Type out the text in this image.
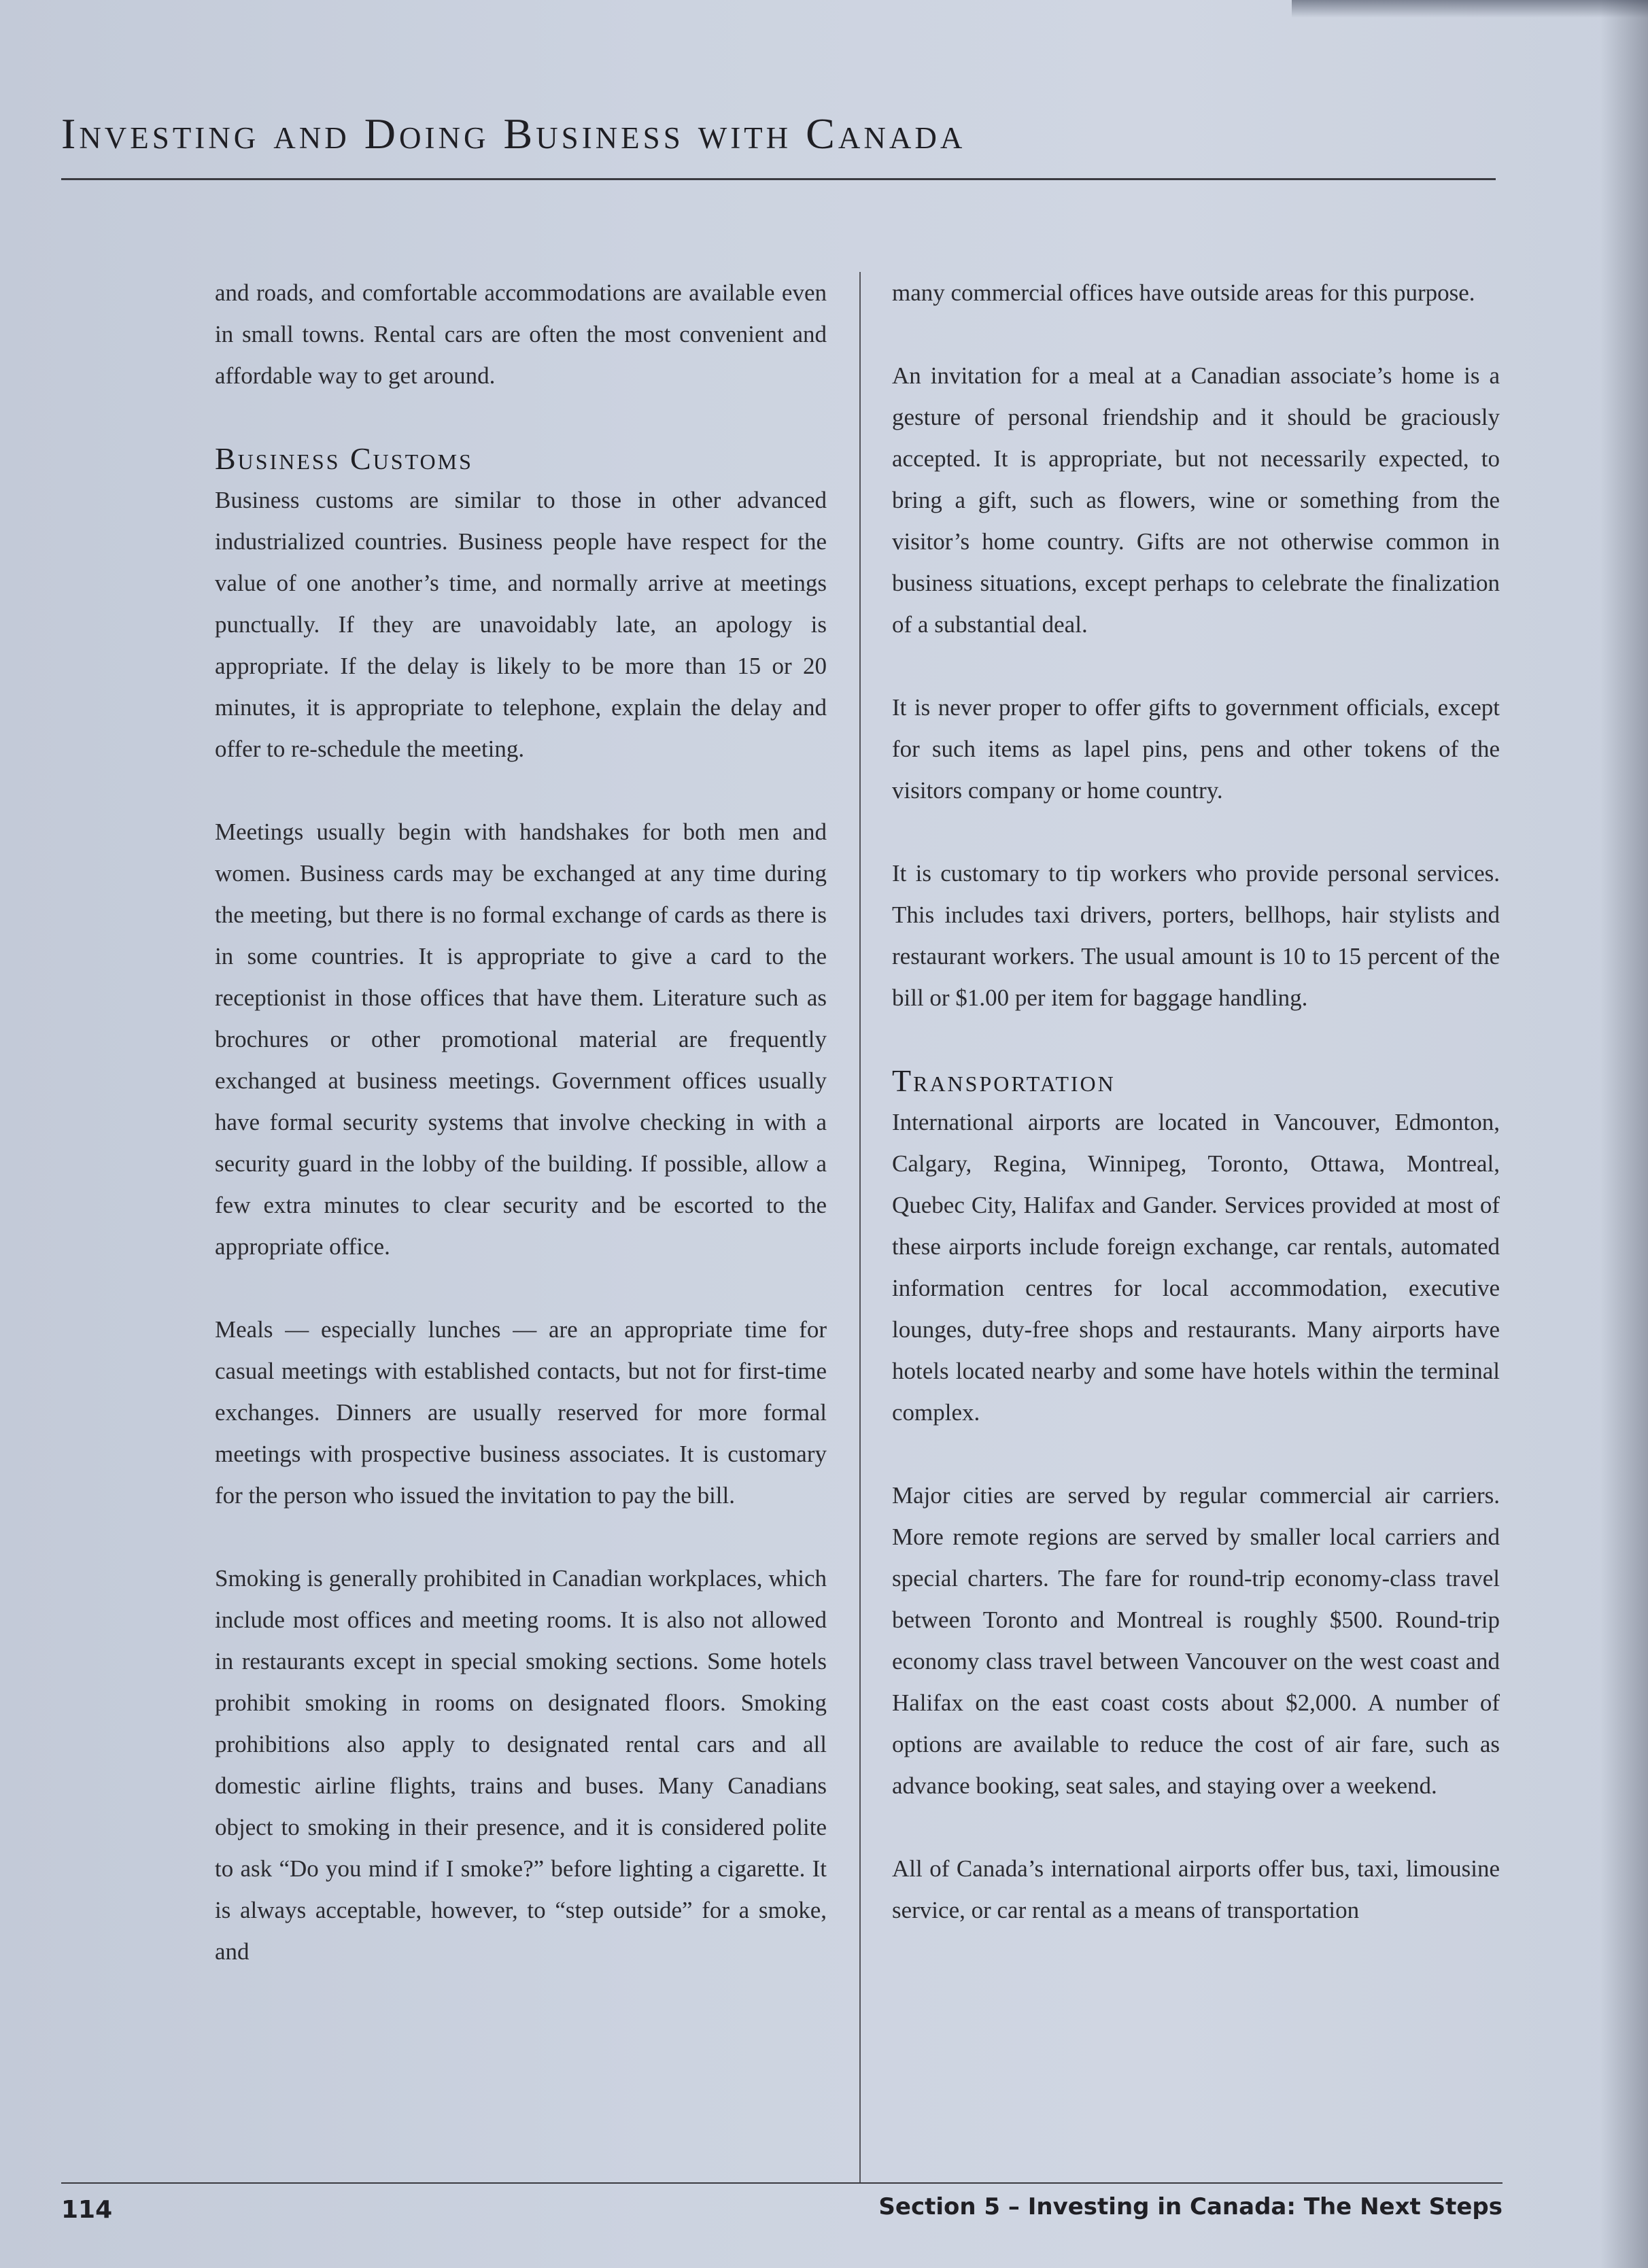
Investing and Doing Business with Canada

and roads, and comfortable accommodations are available even in small towns. Rental cars are often the most convenient and affordable way to get around.

Business Customs

Business customs are similar to those in other advanced industrialized countries. Business people have respect for the value of one another’s time, and normally arrive at meetings punctually. If they are unavoidably late, an apology is appropriate. If the delay is likely to be more than 15 or 20 minutes, it is appropriate to telephone, explain the delay and offer to re-schedule the meeting.

Meetings usually begin with handshakes for both men and women. Business cards may be exchanged at any time during the meeting, but there is no formal exchange of cards as there is in some countries. It is appropriate to give a card to the receptionist in those offices that have them. Literature such as brochures or other promotional material are frequently exchanged at business meetings. Government offices usually have formal security systems that involve checking in with a security guard in the lobby of the building. If possible, allow a few extra minutes to clear security and be escorted to the appropriate office.

Meals — especially lunches — are an appropriate time for casual meetings with established contacts, but not for first-time exchanges. Dinners are usually reserved for more formal meetings with prospective business associates. It is customary for the person who issued the invitation to pay the bill.

Smoking is generally prohibited in Canadian workplaces, which include most offices and meeting rooms. It is also not allowed in restaurants except in special smoking sections. Some hotels prohibit smoking in rooms on designated floors. Smoking prohibitions also apply to designated rental cars and all domestic airline flights, trains and buses. Many Canadians object to smoking in their presence, and it is considered polite to ask “Do you mind if I smoke?” before lighting a cigarette. It is always acceptable, however, to “step outside” for a smoke, and

many commercial offices have outside areas for this purpose.

An invitation for a meal at a Canadian associate’s home is a gesture of personal friendship and it should be graciously accepted. It is appropriate, but not necessarily expected, to bring a gift, such as flowers, wine or something from the visitor’s home country. Gifts are not otherwise common in business situations, except perhaps to celebrate the finalization of a substantial deal.

It is never proper to offer gifts to government officials, except for such items as lapel pins, pens and other tokens of the visitors company or home country.

It is customary to tip workers who provide personal services. This includes taxi drivers, porters, bellhops, hair stylists and restaurant workers. The usual amount is 10 to 15 percent of the bill or $1.00 per item for baggage handling.

Transportation

International airports are located in Vancouver, Edmonton, Calgary, Regina, Winnipeg, Toronto, Ottawa, Montreal, Quebec City, Halifax and Gander. Services provided at most of these airports include foreign exchange, car rentals, automated information centres for local accommodation, executive lounges, duty-free shops and restaurants. Many airports have hotels located nearby and some have hotels within the terminal complex.

Major cities are served by regular commercial air carriers. More remote regions are served by smaller local carriers and special charters. The fare for round-trip economy-class travel between Toronto and Montreal is roughly $500. Round-trip economy class travel between Vancouver on the west coast and Halifax on the east coast costs about $2,000. A number of options are available to reduce the cost of air fare, such as advance booking, seat sales, and staying over a weekend.

All of Canada’s international airports offer bus, taxi, limousine service, or car rental as a means of transportation

114	Section 5 – Investing in Canada: The Next Steps
